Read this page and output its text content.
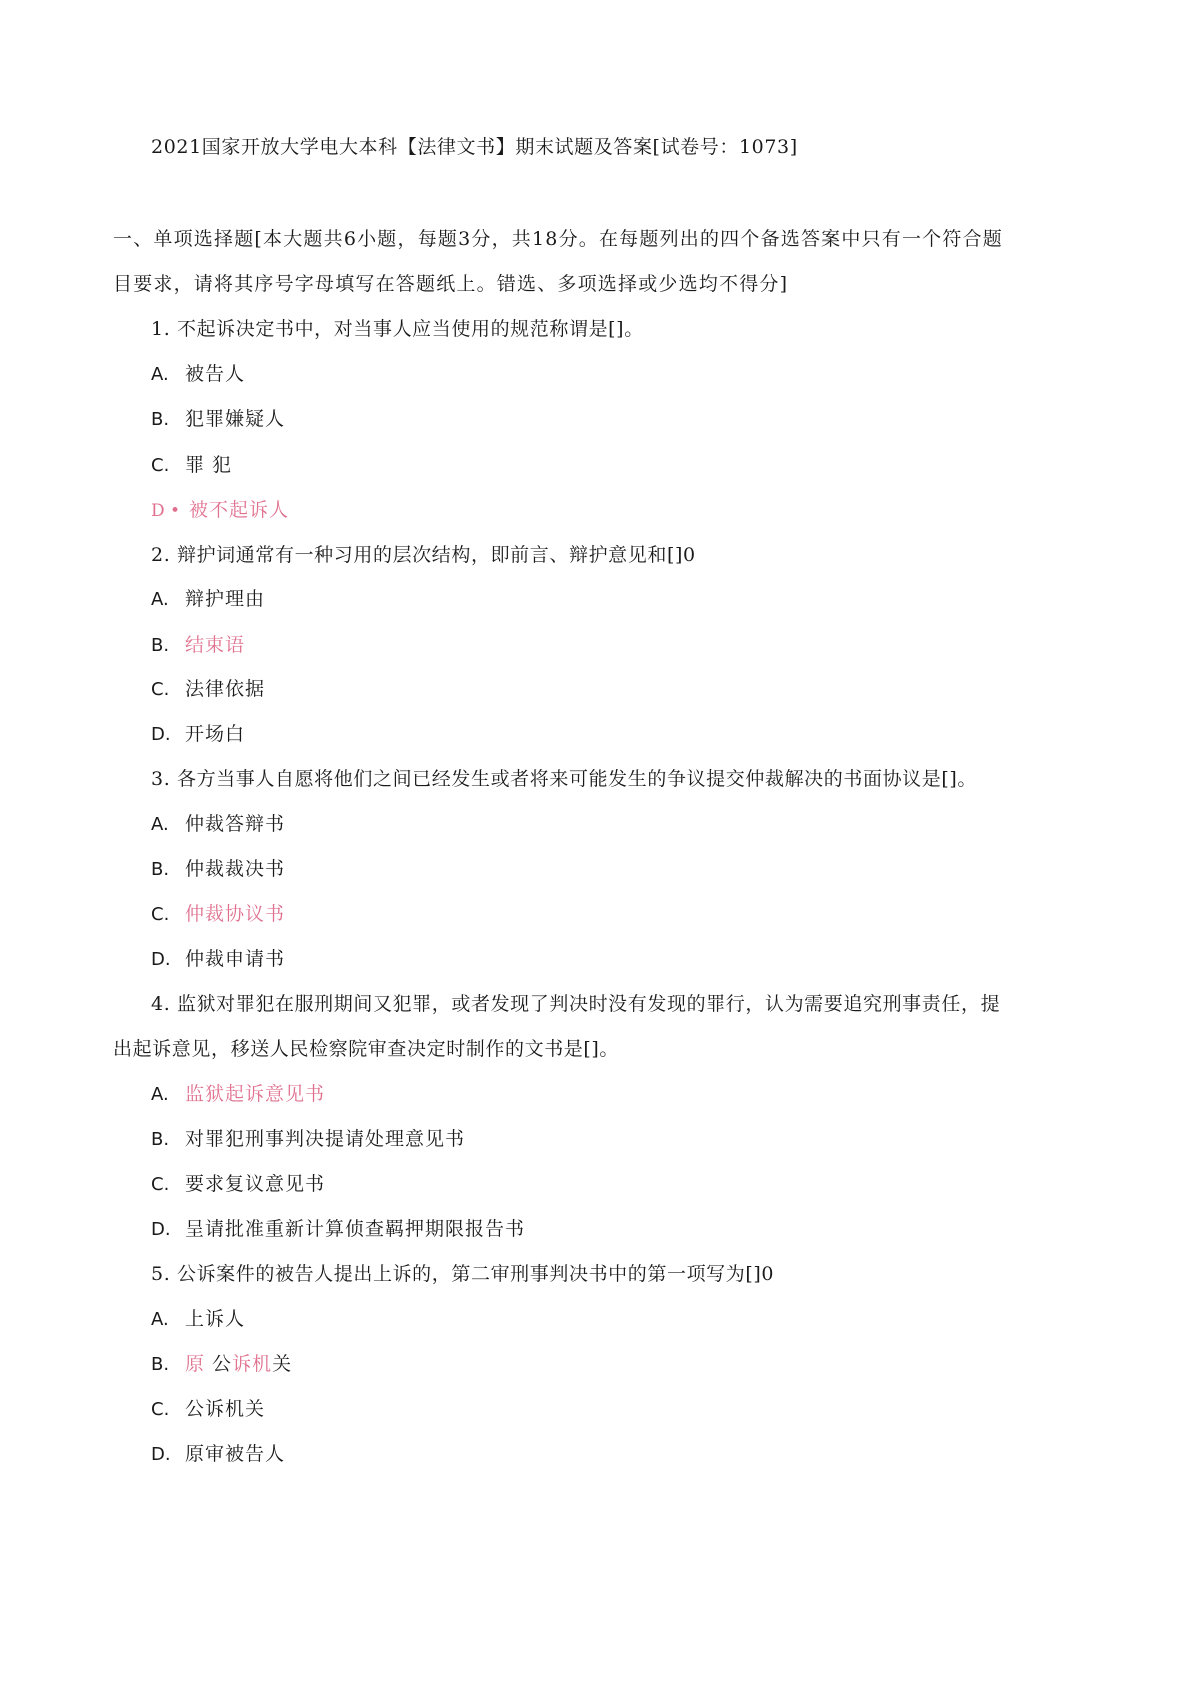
2021国家开放大学电大本科【法律文书】期末试题及答案[试卷号：1073]
一、单项选择题[本大题共6小题，每题3分，共18分。在每题列出的四个备选答案中只有一个符合题
目要求，请将其序号字母填写在答题纸上。错选、多项选择或少选均不得分]
1. 不起诉决定书中，对当事人应当使用的规范称谓是[]。
A. 被告人
B. 犯罪嫌疑人
C. 罪 犯
D • 被不起诉人
2. 辩护词通常有一种习用的层次结构，即前言、辩护意见和[]0
A. 辩护理由
B. 结束语
C. 法律依据
D. 开场白
3. 各方当事人自愿将他们之间已经发生或者将来可能发生的争议提交仲裁解决的书面协议是[]。
A. 仲裁答辩书
B. 仲裁裁决书
C. 仲裁协议书
D. 仲裁申请书
4. 监狱对罪犯在服刑期间又犯罪，或者发现了判决时没有发现的罪行，认为需要追究刑事责任，提
出起诉意见，移送人民检察院审查决定时制作的文书是[]。
A. 监狱起诉意见书
B. 对罪犯刑事判决提请处理意见书
C. 要求复议意见书
D. 呈请批准重新计算侦查羁押期限报告书
5. 公诉案件的被告人提出上诉的，第二审刑事判决书中的第一项写为[]0
A. 上诉人
B. 原 公诉机关
C. 公诉机关
D. 原审被告人
